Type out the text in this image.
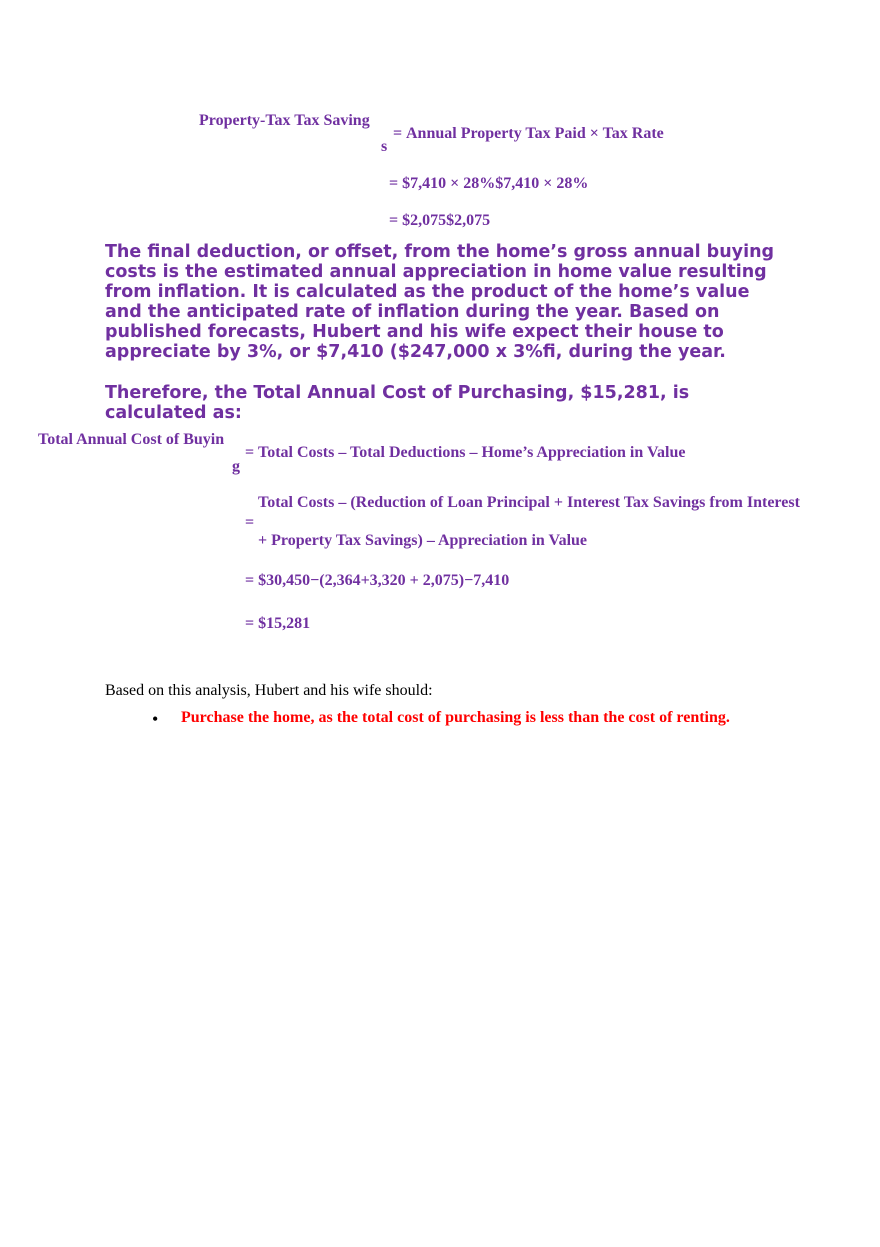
Property-Tax Tax Saving
s
= Annual Property Tax Paid × Tax Rate
= $7,410 × 28%$7,410 × 28%
= $2,075$2,075
The final deduction, or offset, from the home’s gross annual buying
costs is the estimated annual appreciation in home value resulting
from inflation. It is calculated as the product of the home’s value
and the anticipated rate of inflation during the year. Based on
published forecasts, Hubert and his wife expect their house to
appreciate by 3%, or $7,410 ($247,000 x 3%ﬁ, during the year.
Therefore, the Total Annual Cost of Purchasing, $15,281, is
calculated as:
Total Annual Cost of Buyin
g
= Total Costs – Total Deductions – Home’s Appreciation in Value
=
Total Costs – (Reduction of Loan Principal + Interest Tax Savings from Interest
+ Property Tax Savings) – Appreciation in Value
= $30,450−(2,364+3,320 + 2,075)−7,410
= $15,281
Based on this analysis, Hubert and his wife should:
• Purchase the home, as the total cost of purchasing is less than the cost of renting.
